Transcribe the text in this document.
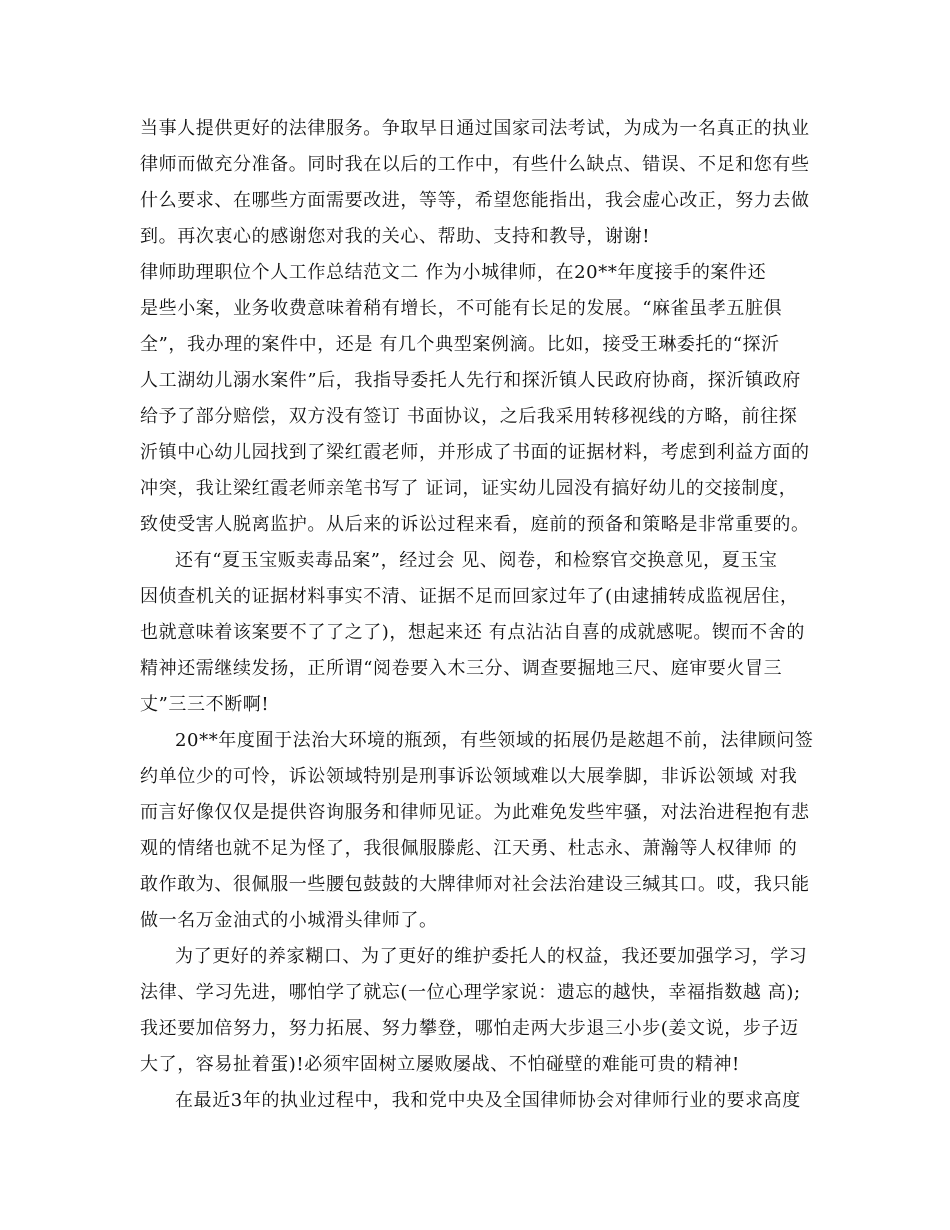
当事人提供更好的法律服务。争取早日通过国家司法考试，为成为一名真正的执业
律师而做充分准备。同时我在以后的工作中，有些什么缺点、错误、不足和您有些
什么要求、在哪些方面需要改进，等等，希望您能指出，我会虚心改正，努力去做
到。再次衷心的感谢您对我的关心、帮助、支持和教导，谢谢!
律师助理职位个人工作总结范文二 作为小城律师，在20**年度接手的案件还
是些小案，业务收费意味着稍有增长，不可能有长足的发展。“麻雀虽孝五脏俱
全”，我办理的案件中，还是 有几个典型案例滴。比如，接受王琳委托的“探沂
人工湖幼儿溺水案件”后，我指导委托人先行和探沂镇人民政府协商，探沂镇政府
给予了部分赔偿，双方没有签订 书面协议，之后我采用转移视线的方略，前往探
沂镇中心幼儿园找到了梁红霞老师，并形成了书面的证据材料，考虑到利益方面的
冲突，我让梁红霞老师亲笔书写了 证词，证实幼儿园没有搞好幼儿的交接制度，
致使受害人脱离监护。从后来的诉讼过程来看，庭前的预备和策略是非常重要的。
还有“夏玉宝贩卖毒品案”，经过会 见、阅卷，和检察官交换意见，夏玉宝
因侦查机关的证据材料事实不清、证据不足而回家过年了(由逮捕转成监视居住，
也就意味着该案要不了了之了)，想起来还 有点沾沾自喜的成就感呢。锲而不舍的
精神还需继续发扬，正所谓“阅卷要入木三分、调查要掘地三尺、庭审要火冒三
丈”三三不断啊!
20**年度囿于法治大环境的瓶颈，有些领域的拓展仍是趑趄不前，法律顾问签
约单位少的可怜，诉讼领域特别是刑事诉讼领域难以大展拳脚，非诉讼领域 对我
而言好像仅仅是提供咨询服务和律师见证。为此难免发些牢骚，对法治进程抱有悲
观的情绪也就不足为怪了，我很佩服滕彪、江天勇、杜志永、萧瀚等人权律师 的
敢作敢为、很佩服一些腰包鼓鼓的大牌律师对社会法治建设三缄其口。哎，我只能
做一名万金油式的小城滑头律师了。
为了更好的养家糊口、为了更好的维护委托人的权益，我还要加强学习，学习
法律、学习先进，哪怕学了就忘(一位心理学家说：遗忘的越快，幸福指数越 高);
我还要加倍努力，努力拓展、努力攀登，哪怕走两大步退三小步(姜文说，步子迈
大了，容易扯着蛋)!必须牢固树立屡败屡战、不怕碰壁的难能可贵的精神!
在最近3年的执业过程中，我和党中央及全国律师协会对律师行业的要求高度
